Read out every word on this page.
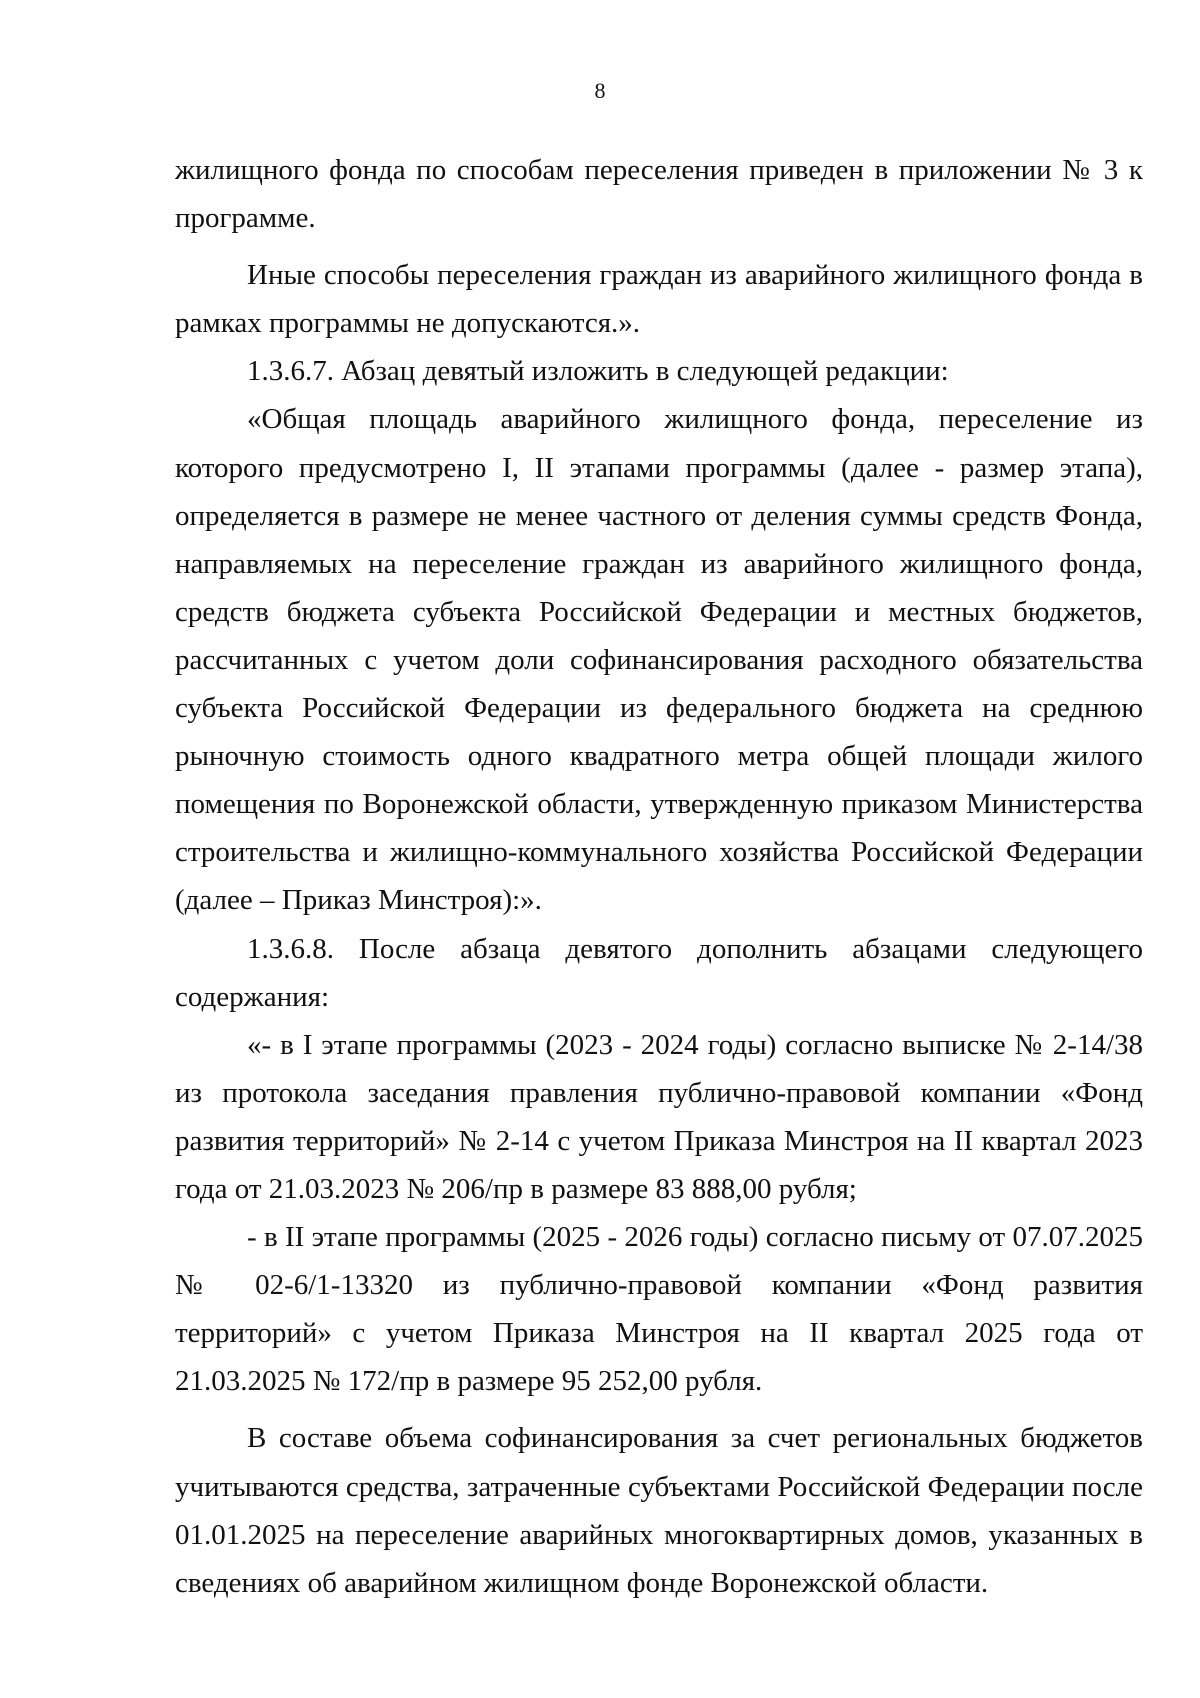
8

жилищного фонда по способам переселения приведен в приложении № 3 к программе.

Иные способы переселения граждан из аварийного жилищного фонда в рамках программы не допускаются.».

1.3.6.7. Абзац девятый изложить в следующей редакции:

«Общая площадь аварийного жилищного фонда, переселение из которого предусмотрено I, II этапами программы (далее - размер этапа), определяется в размере не менее частного от деления суммы средств Фонда, направляемых на переселение граждан из аварийного жилищного фонда, средств бюджета субъекта Российской Федерации и местных бюджетов, рассчитанных с учетом доли софинансирования расходного обязательства субъекта Российской Федерации из федерального бюджета на среднюю рыночную стоимость одного квадратного метра общей площади жилого помещения по Воронежской области, утвержденную приказом Министерства строительства и жилищно-коммунального хозяйства Российской Федерации (далее – Приказ Минстроя):».

1.3.6.8. После абзаца девятого дополнить абзацами следующего содержания:

«- в I этапе программы (2023 - 2024 годы) согласно выписке № 2-14/38 из протокола заседания правления публично-правовой компании «Фонд развития территорий» № 2-14 с учетом Приказа Минстроя на II квартал 2023 года от 21.03.2023 № 206/пр в размере 83 888,00 рубля;

- в II этапе программы (2025 - 2026 годы) согласно письму от 07.07.2025 № 02-6/1-13320 из публично-правовой компании «Фонд развития территорий» с учетом Приказа Минстроя на II квартал 2025 года от 21.03.2025 № 172/пр в размере 95 252,00 рубля.

В составе объема софинансирования за счет региональных бюджетов учитываются средства, затраченные субъектами Российской Федерации после 01.01.2025 на переселение аварийных многоквартирных домов, указанных в сведениях об аварийном жилищном фонде Воронежской области.
